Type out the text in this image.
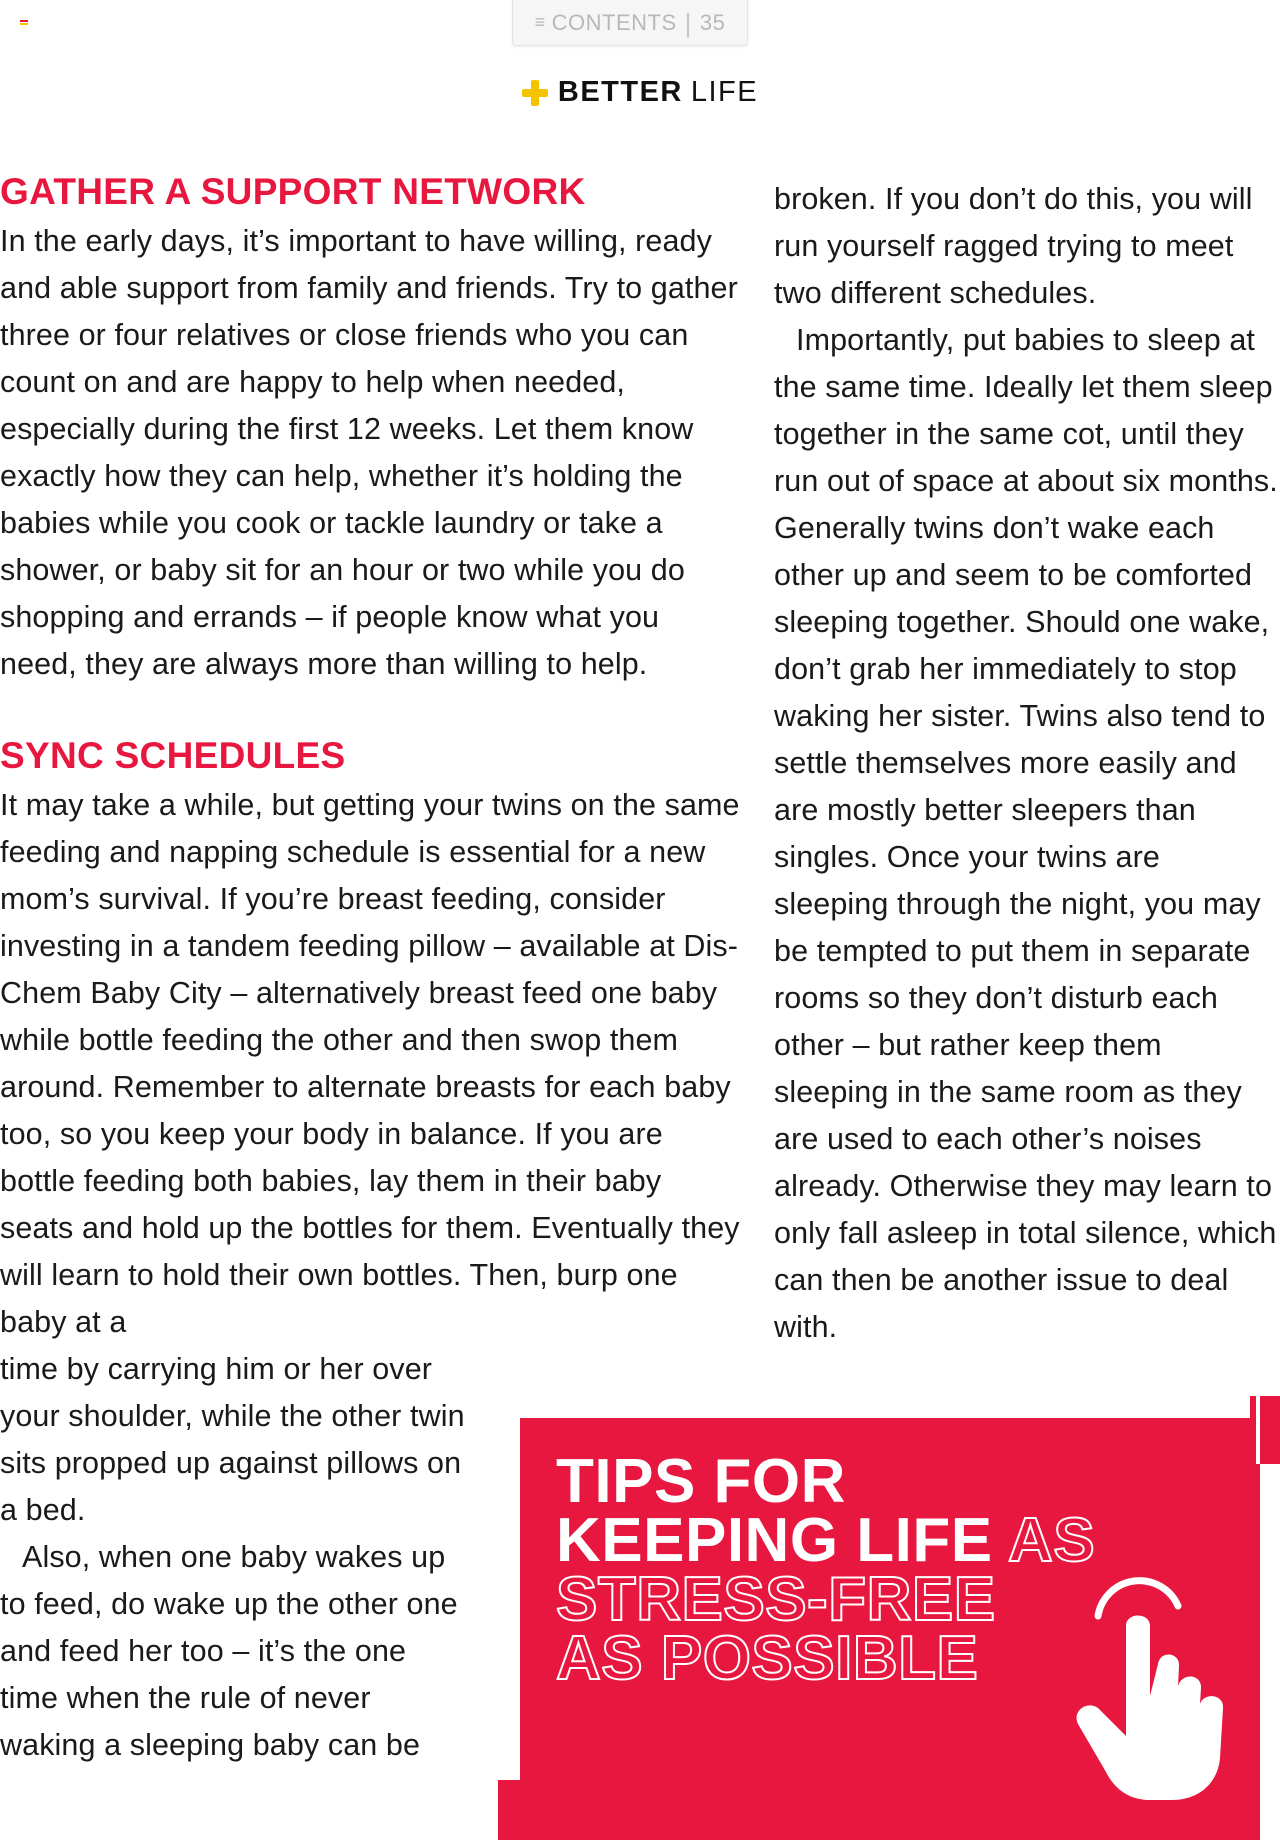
≡ CONTENTS | 35
BETTER LIFE
GATHER A SUPPORT NETWORK

In the early days, it’s important to have willing, ready and able support from family and friends. Try to gather three or four relatives or close friends who you can count on and are happy to help when needed, especially during the first 12 weeks. Let them know exactly how they can help, whether it’s holding the babies while you cook or tackle laundry or take a shower, or baby sit for an hour or two while you do shopping and errands – if people know what you need, they are always more than willing to help.

SYNC SCHEDULES

It may take a while, but getting your twins on the same feeding and napping schedule is essential for a new mom’s survival. If you’re breast feeding, consider investing in a tandem feeding pillow – available at Dis-Chem Baby City – alternatively breast feed one baby while bottle feeding the other and then swop them around. Remember to alternate breasts for each baby too, so you keep your body in balance. If you are bottle feeding both babies, lay them in their baby seats and hold up the bottles for them. Eventually they will learn to hold their own bottles. Then, burp one baby at a

time by carrying him or her over your shoulder, while the other twin sits propped up against pillows on a bed.

Also, when one baby wakes up to feed, do wake up the other one and feed her too – it’s the one time when the rule of never waking a sleeping baby can be

broken. If you don’t do this, you will run yourself ragged trying to meet two different schedules.

Importantly, put babies to sleep at the same time. Ideally let them sleep together in the same cot, until they run out of space at about six months. Generally twins don’t wake each other up and seem to be comforted sleeping together. Should one wake, don’t grab her immediately to stop waking her sister. Twins also tend to settle themselves more easily and are mostly better sleepers than singles. Once your twins are sleeping through the night, you may be tempted to put them in separate rooms so they don’t disturb each other – but rather keep them sleeping in the same room as they are used to each other’s noises already. Otherwise they may learn to only fall asleep in total silence, which can then be another issue to deal with.

TIPS FOR
KEEPING LIFE AS
STRESS-FREE
AS POSSIBLE
